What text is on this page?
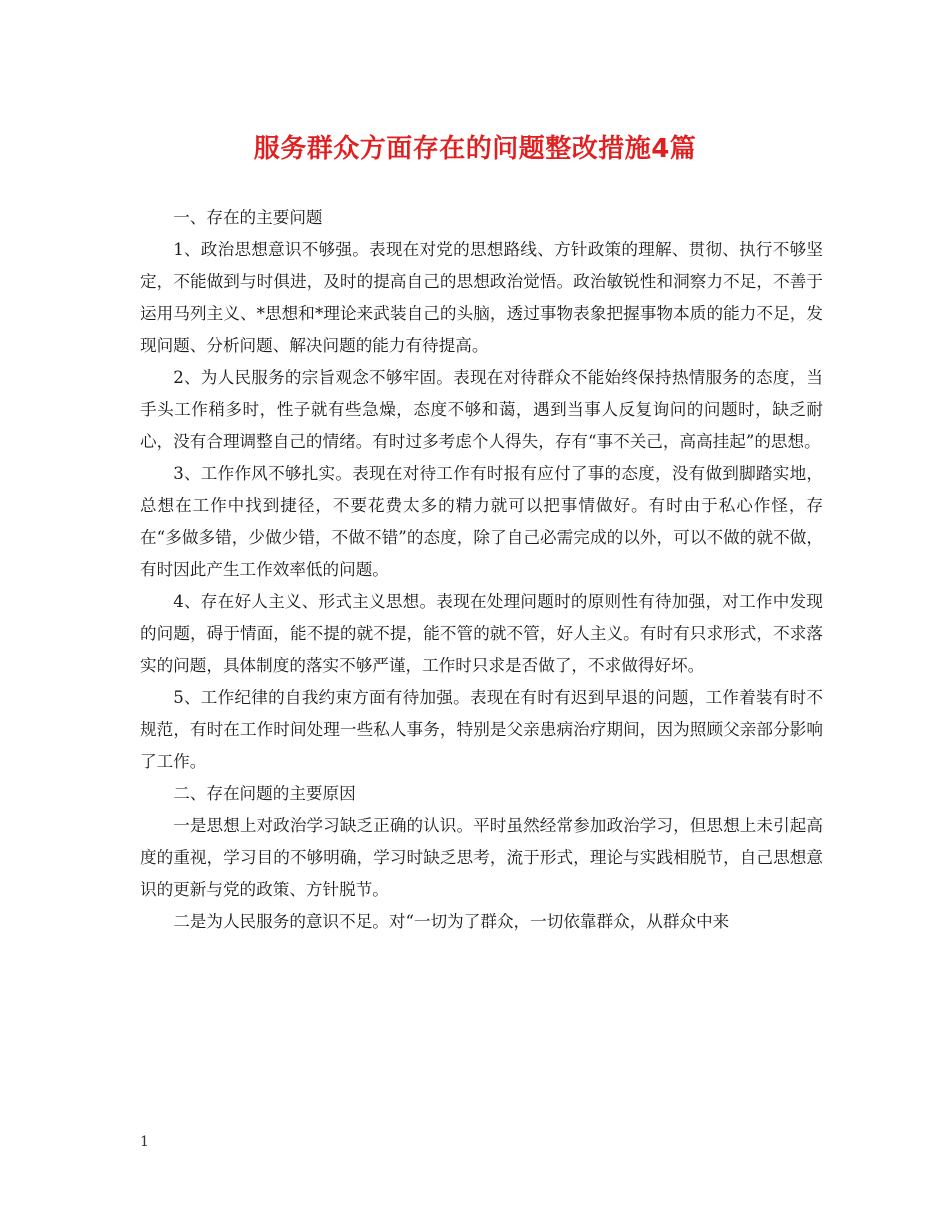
服务群众方面存在的问题整改措施4篇

一、存在的主要问题

1、政治思想意识不够强。表现在对党的思想路线、方针政策的理解、贯彻、执行不够坚定，不能做到与时俱进，及时的提高自己的思想政治觉悟。政治敏锐性和洞察力不足，不善于运用马列主义、*思想和*理论来武装自己的头脑，透过事物表象把握事物本质的能力不足，发现问题、分析问题、解决问题的能力有待提高。

2、为人民服务的宗旨观念不够牢固。表现在对待群众不能始终保持热情服务的态度，当手头工作稍多时，性子就有些急燥，态度不够和蔼，遇到当事人反复询问的问题时，缺乏耐心，没有合理调整自己的情绪。有时过多考虑个人得失，存有“事不关己，高高挂起”的思想。

3、工作作风不够扎实。表现在对待工作有时报有应付了事的态度，没有做到脚踏实地，总想在工作中找到捷径，不要花费太多的精力就可以把事情做好。有时由于私心作怪，存在“多做多错，少做少错，不做不错”的态度，除了自己必需完成的以外，可以不做的就不做，有时因此产生工作效率低的问题。

4、存在好人主义、形式主义思想。表现在处理问题时的原则性有待加强，对工作中发现的问题，碍于情面，能不提的就不提，能不管的就不管，好人主义。有时有只求形式，不求落实的问题，具体制度的落实不够严谨，工作时只求是否做了，不求做得好坏。

5、工作纪律的自我约束方面有待加强。表现在有时有迟到早退的问题，工作着装有时不规范，有时在工作时间处理一些私人事务，特别是父亲患病治疗期间，因为照顾父亲部分影响了工作。

二、存在问题的主要原因

一是思想上对政治学习缺乏正确的认识。平时虽然经常参加政治学习，但思想上未引起高度的重视，学习目的不够明确，学习时缺乏思考，流于形式，理论与实践相脱节，自己思想意识的更新与党的政策、方针脱节。

二是为人民服务的意识不足。对“一切为了群众，一切依靠群众，从群众中来

1
